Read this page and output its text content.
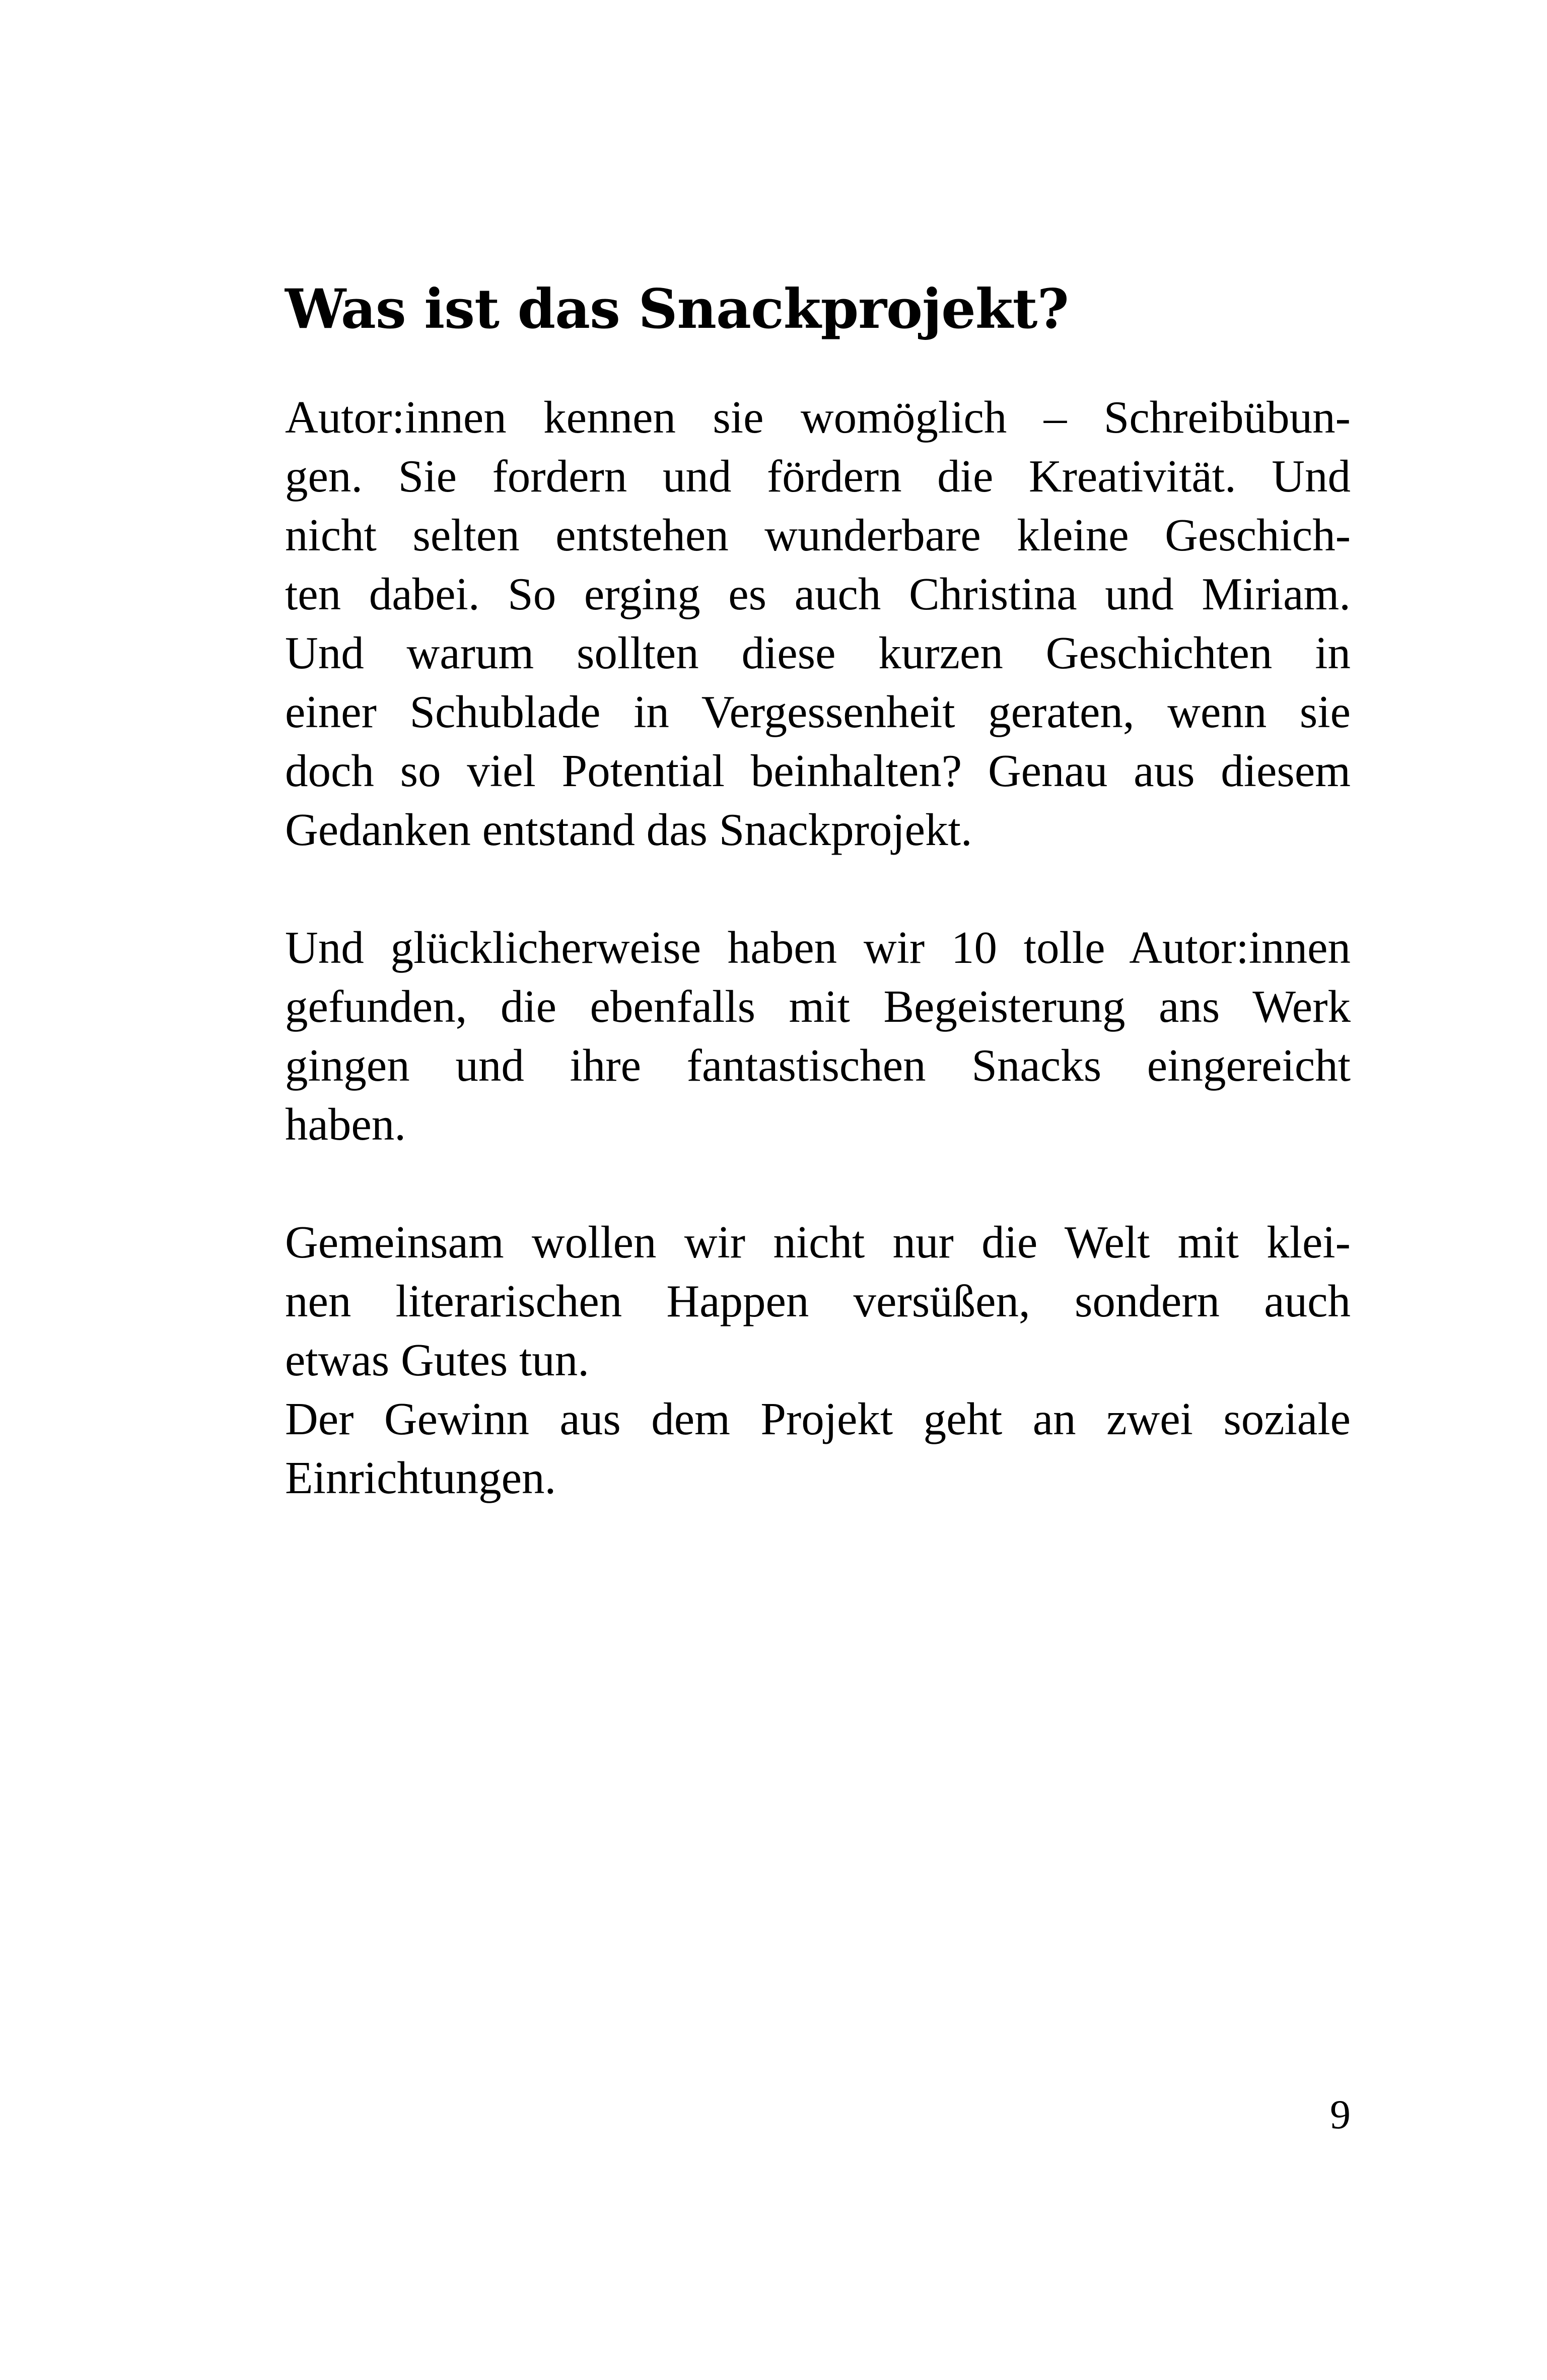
Was ist das Snackprojekt?
Autor:innen kennen sie womöglich – Schreibübun-
gen. Sie fordern und fördern die Kreativität. Und
nicht selten entstehen wunderbare kleine Geschich-
ten dabei. So erging es auch Christina und Miriam.
Und warum sollten diese kurzen Geschichten in
einer Schublade in Vergessenheit geraten, wenn sie
doch so viel Potential beinhalten? Genau aus diesem
Gedanken entstand das Snackprojekt.
Und glücklicherweise haben wir 10 tolle Autor:innen
gefunden, die ebenfalls mit Begeisterung ans Werk
gingen und ihre fantastischen Snacks eingereicht
haben.
Gemeinsam wollen wir nicht nur die Welt mit klei-
nen literarischen Happen versüßen, sondern auch
etwas Gutes tun.
Der Gewinn aus dem Projekt geht an zwei soziale
Einrichtungen.
9
